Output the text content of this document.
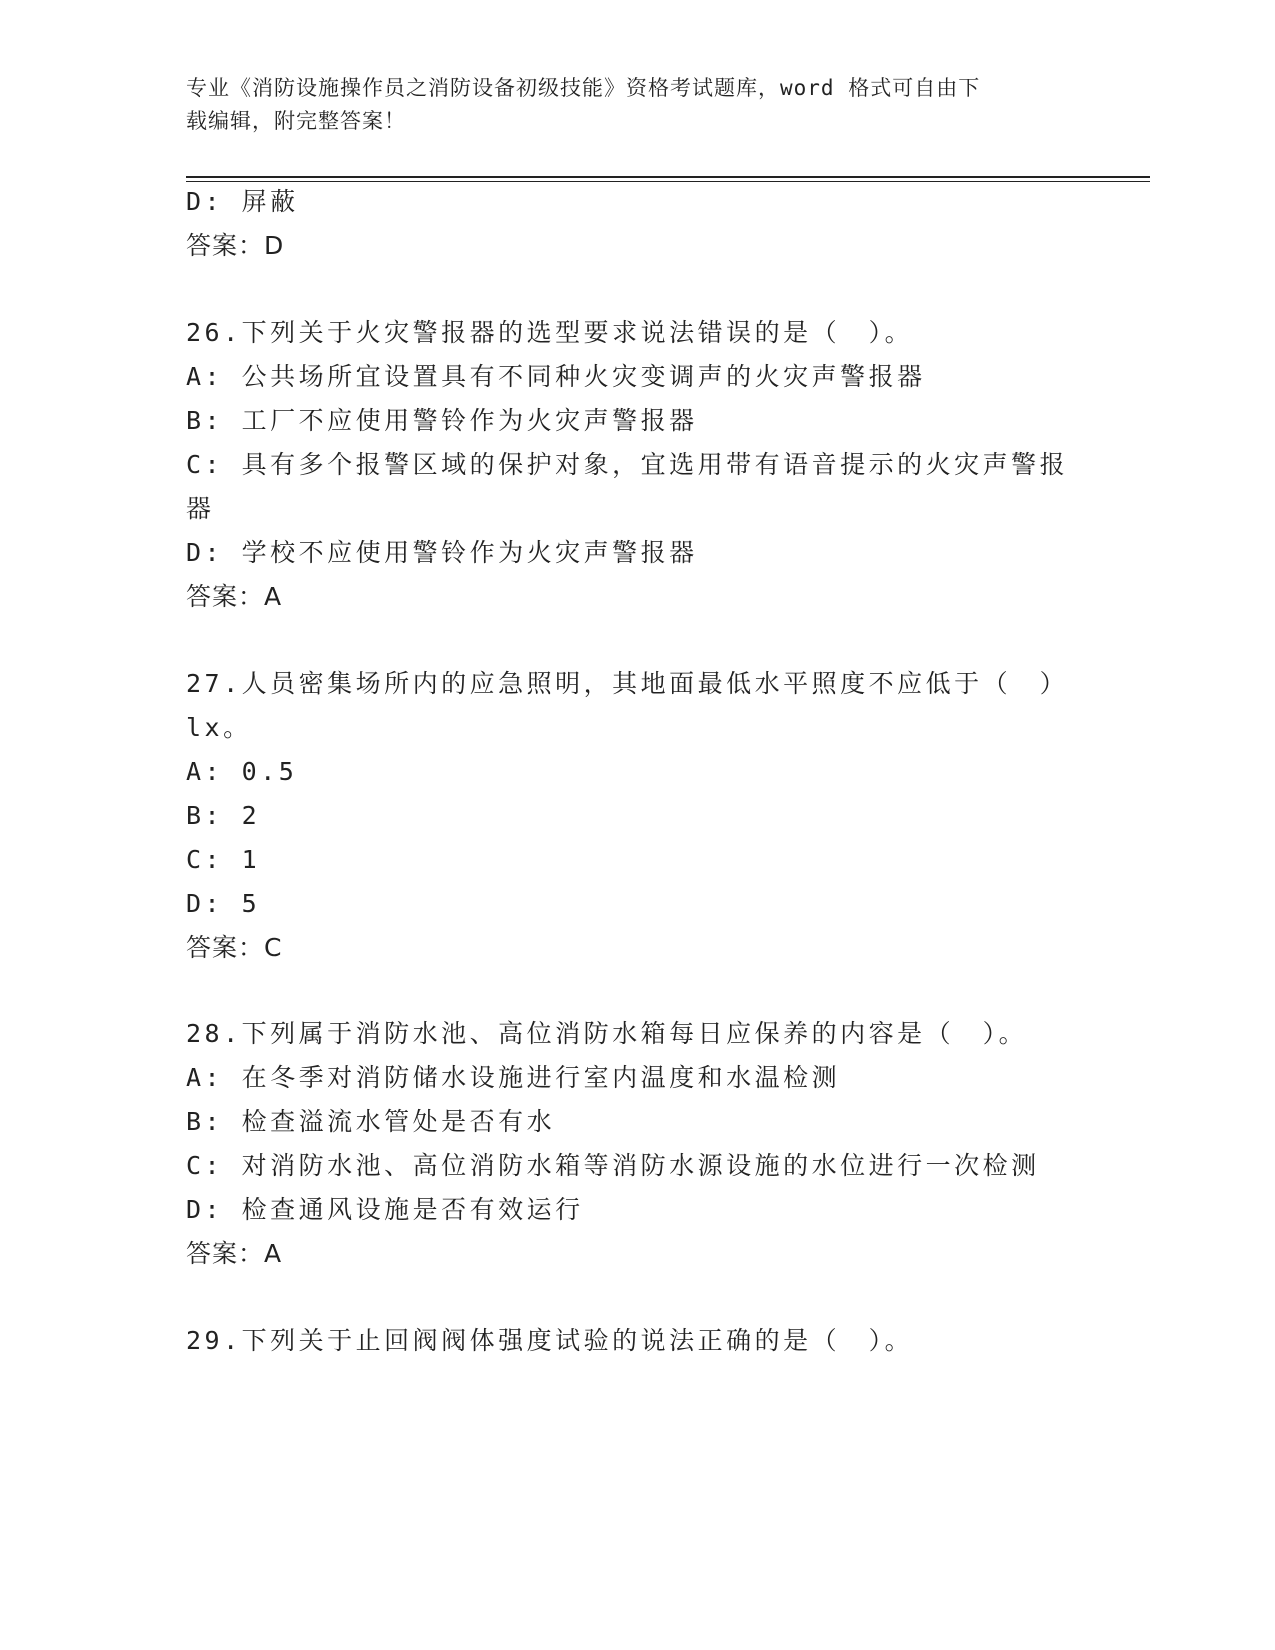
专业《消防设施操作员之消防设备初级技能》资格考试题库，word 格式可自由下
载编辑，附完整答案！
D: 屏蔽
答案：D
26.下列关于火灾警报器的选型要求说法错误的是（　）。
A: 公共场所宜设置具有不同种火灾变调声的火灾声警报器
B: 工厂不应使用警铃作为火灾声警报器
C: 具有多个报警区域的保护对象，宜选用带有语音提示的火灾声警报
器
D: 学校不应使用警铃作为火灾声警报器
答案：A
27.人员密集场所内的应急照明，其地面最低水平照度不应低于（　）
lx。
A: 0.5
B: 2
C: 1
D: 5
答案：C
28.下列属于消防水池、高位消防水箱每日应保养的内容是（　）。
A: 在冬季对消防储水设施进行室内温度和水温检测
B: 检查溢流水管处是否有水
C: 对消防水池、高位消防水箱等消防水源设施的水位进行一次检测
D: 检查通风设施是否有效运行
答案：A
29.下列关于止回阀阀体强度试验的说法正确的是（　）。
